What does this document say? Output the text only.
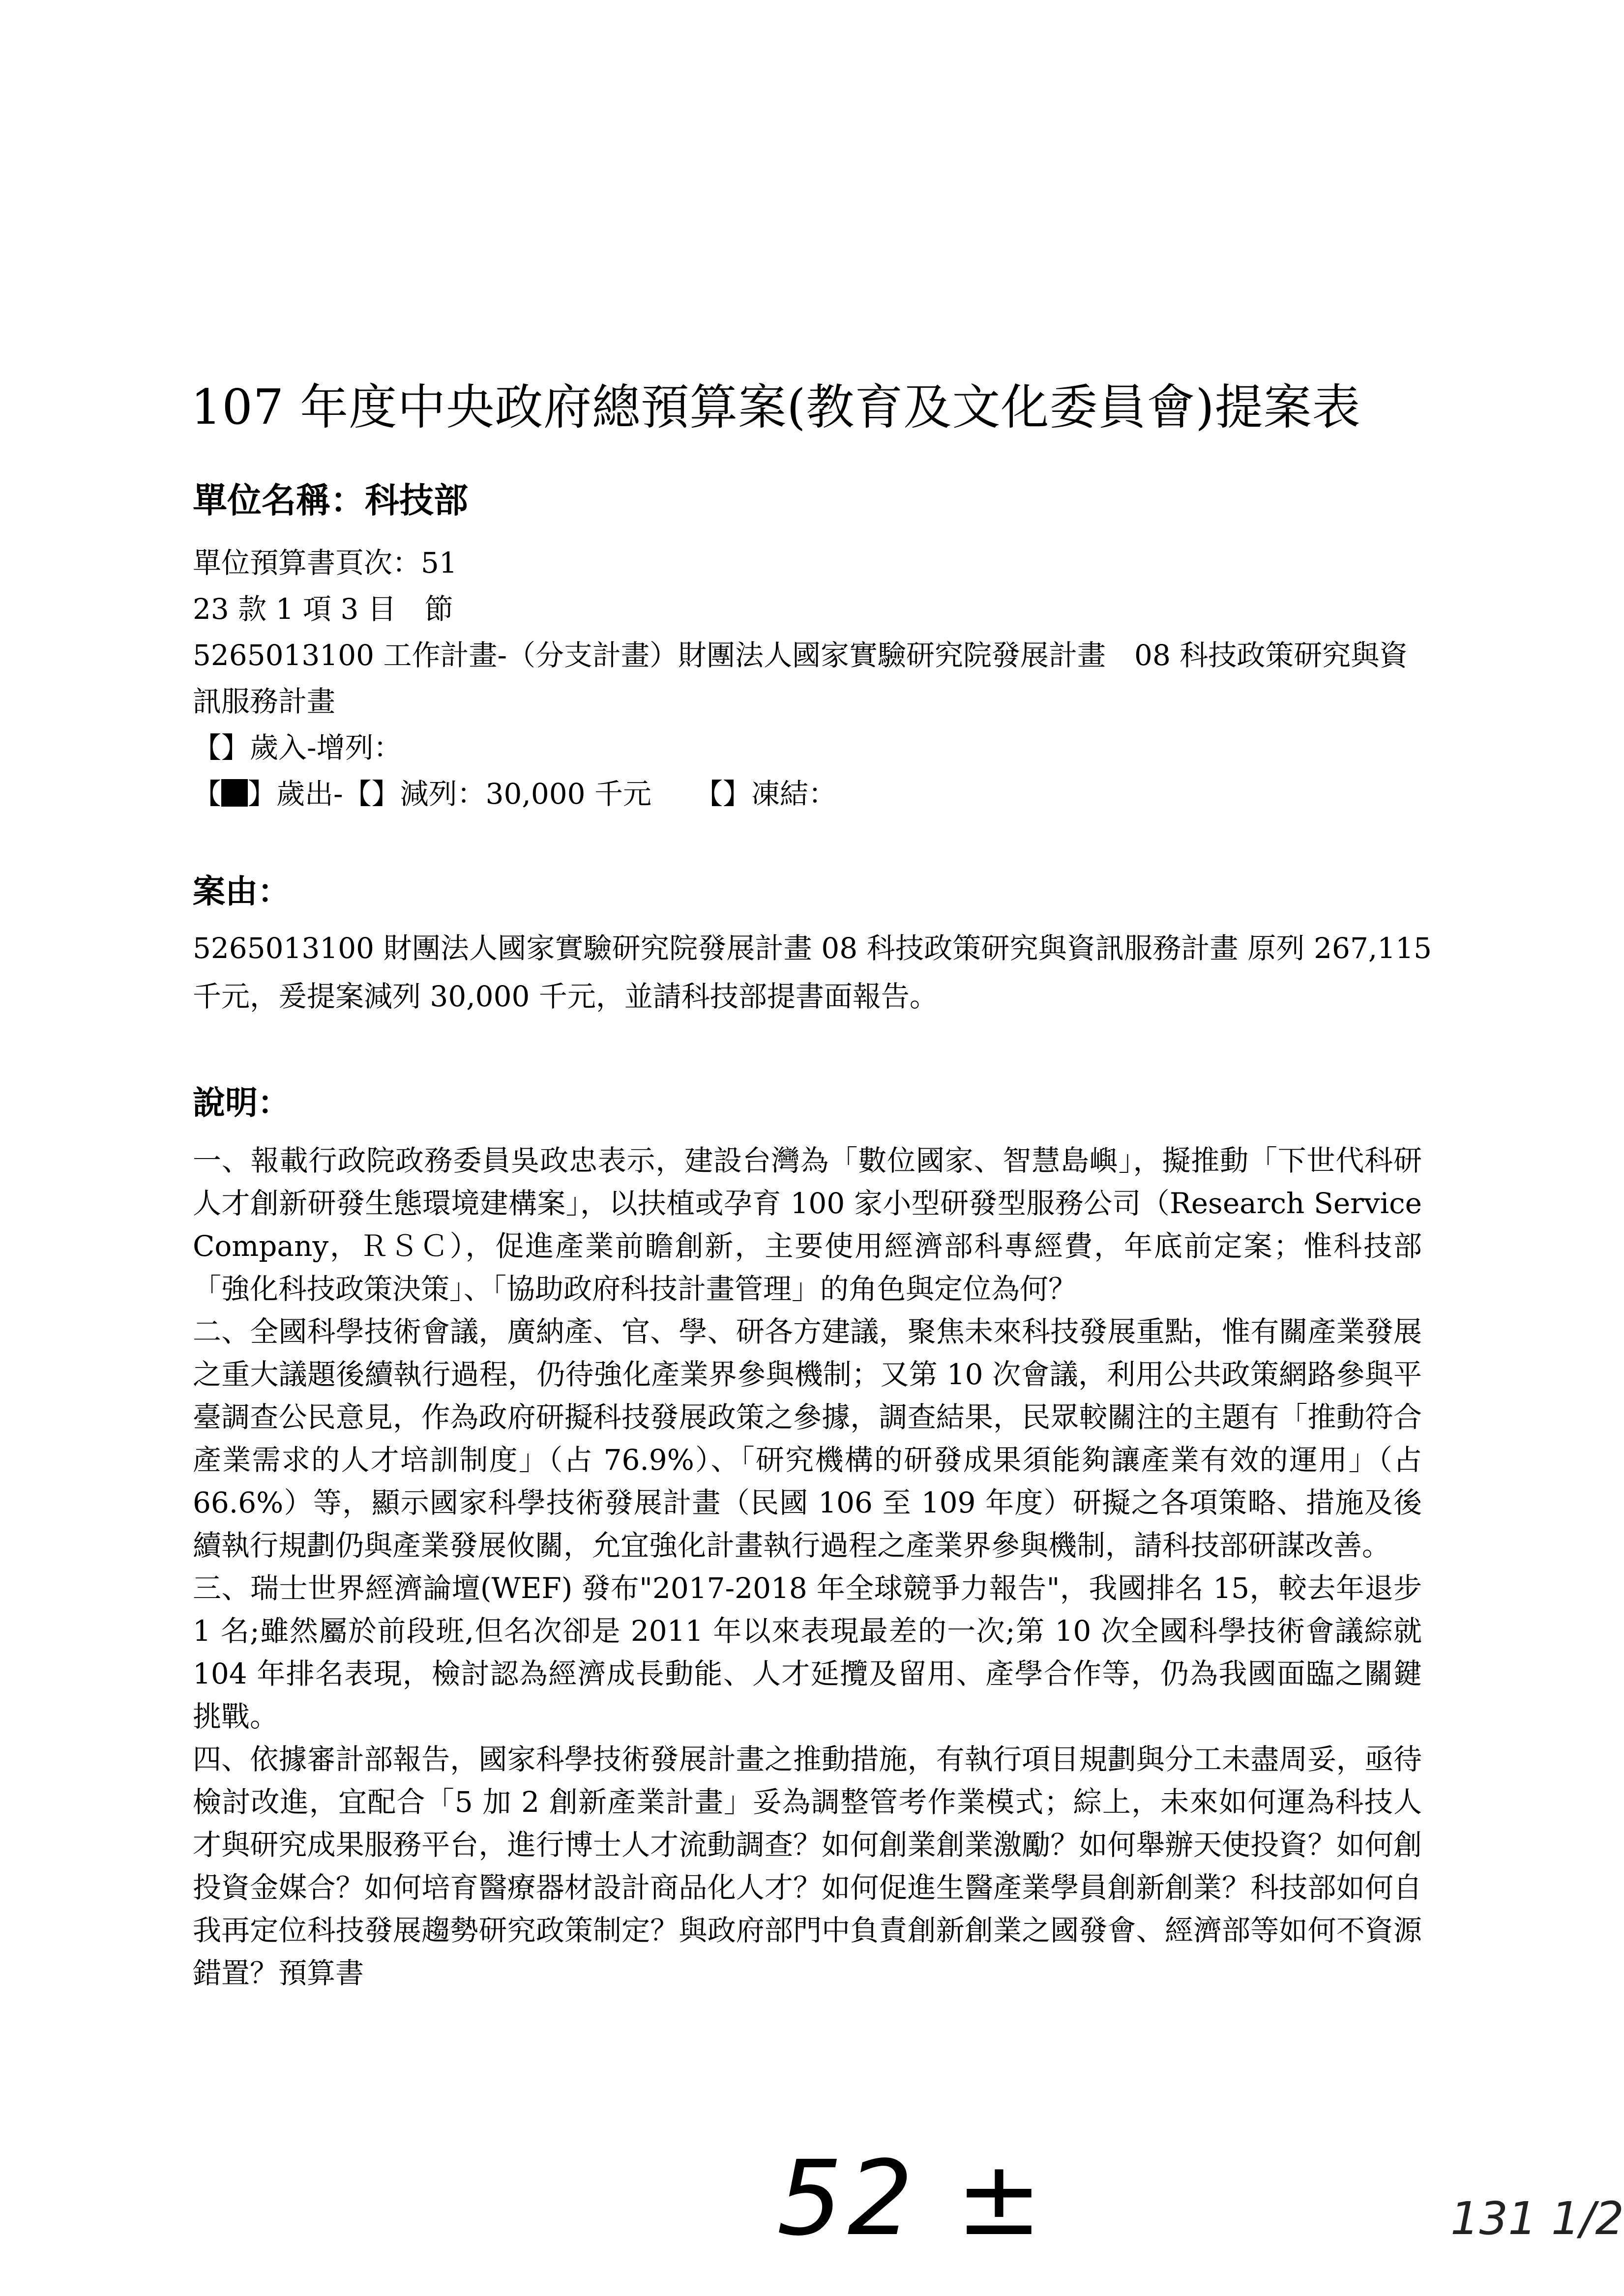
107 年度中央政府總預算案(教育及文化委員會)提案表
單位名稱：科技部
單位預算書頁次：51
23 款 1 項 3 目　節
5265013100 工作計畫-（分支計畫）財團法人國家實驗研究院發展計畫　08 科技政策研究與資訊服務計畫
【】歲入-增列：
【 】歲出-【】減列：30,000 千元　　【】凍結：
案由：
5265013100 財團法人國家實驗研究院發展計畫 08 科技政策研究與資訊服務計畫 原列 267,115 千元，爰提案減列 30,000 千元，並請科技部提書面報告。
說明：

一、報載行政院政務委員吳政忠表示，建設台灣為「數位國家、智慧島嶼」，擬推動「下世代科研人才創新研發生態環境建構案」，以扶植或孕育 100 家小型研發型服務公司（Research Service Company，ＲＳＣ），促進產業前瞻創新，主要使用經濟部科專經費，年底前定案；惟科技部「強化科技政策決策」、「協助政府科技計畫管理」的角色與定位為何？

二、全國科學技術會議，廣納產、官、學、研各方建議，聚焦未來科技發展重點，惟有關產業發展之重大議題後續執行過程，仍待強化產業界參與機制；又第 10 次會議，利用公共政策網路參與平臺調查公民意見，作為政府研擬科技發展政策之參據，調查結果，民眾較關注的主題有「推動符合產業需求的人才培訓制度」（占 76.9%）、「研究機構的研發成果須能夠讓產業有效的運用」（占 66.6%）等，顯示國家科學技術發展計畫（民國 106 至 109 年度）研擬之各項策略、措施及後續執行規劃仍與產業發展攸關，允宜強化計畫執行過程之產業界參與機制，請科技部研謀改善。

三、瑞士世界經濟論壇(WEF) 發布"2017-2018 年全球競爭力報告"，我國排名 15，較去年退步 1 名;雖然屬於前段班,但名次卻是 2011 年以來表現最差的一次;第 10 次全國科學技術會議綜就 104 年排名表現，檢討認為經濟成長動能、人才延攬及留用、產學合作等，仍為我國面臨之關鍵挑戰。

四、依據審計部報告，國家科學技術發展計畫之推動措施，有執行項目規劃與分工未盡周妥，亟待檢討改進，宜配合「5 加 2 創新產業計畫」妥為調整管考作業模式；綜上，未來如何運為科技人才與研究成果服務平台，進行博士人才流動調查？如何創業創業激勵？如何舉辦天使投資？如何創投資金媒合？如何培育醫療器材設計商品化人才？如何促進生醫產業學員創新創業？科技部如何自我再定位科技發展趨勢研究政策制定？與政府部門中負責創新創業之國發會、經濟部等如何不資源錯置？預算書

52 ±	131 1/2
